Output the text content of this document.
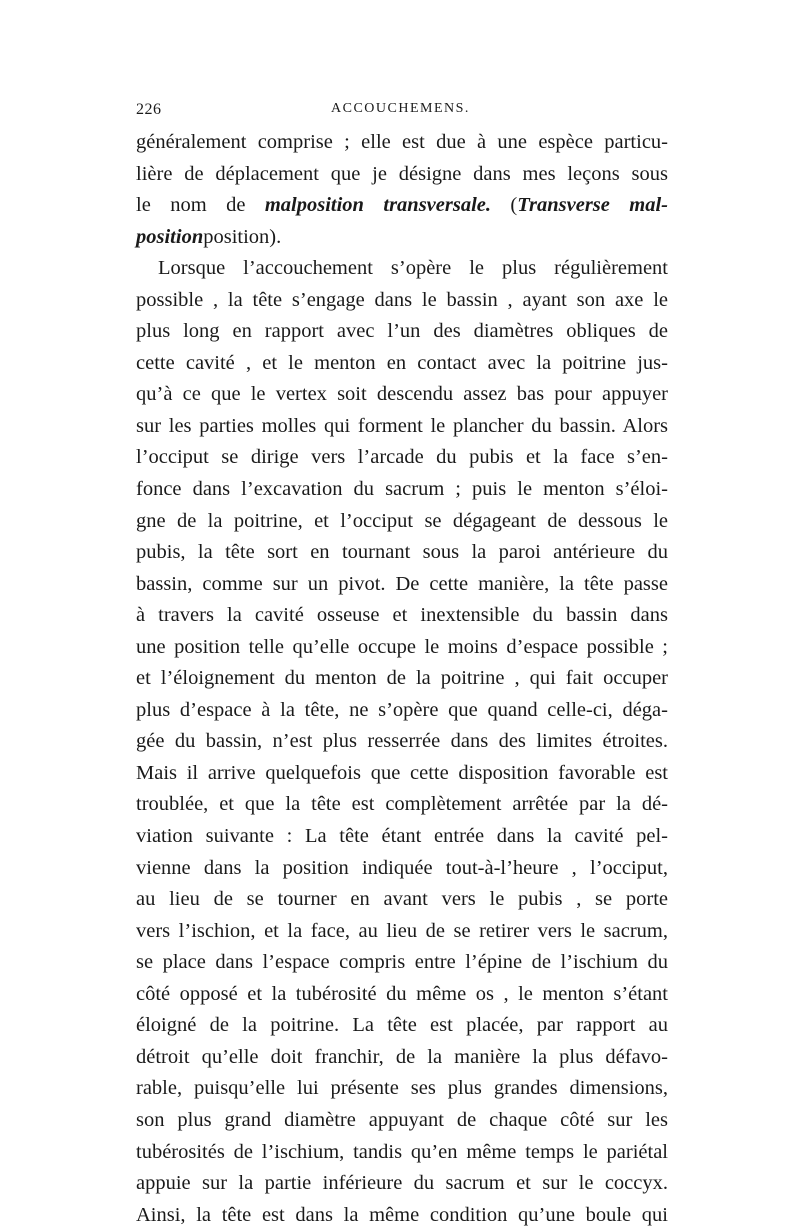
226	ACCOUCHEMENS.
généralement comprise ; elle est due à une espèce particu-
lière de déplacement que je désigne dans mes leçons sous
le nom de malposition transversale. (Transverse mal-
positionposition).
Lorsque l’accouchement s’opère le plus régulièrement
possible , la tête s’engage dans le bassin , ayant son axe le
plus long en rapport avec l’un des diamètres obliques de
cette cavité , et le menton en contact avec la poitrine jus-
qu’à ce que le vertex soit descendu assez bas pour appuyer
sur les parties molles qui forment le plancher du bassin. Alors
l’occiput se dirige vers l’arcade du pubis et la face s’en-
fonce dans l’excavation du sacrum ; puis le menton s’éloi-
gne de la poitrine, et l’occiput se dégageant de dessous le
pubis, la tête sort en tournant sous la paroi antérieure du
bassin, comme sur un pivot. De cette manière, la tête passe
à travers la cavité osseuse et inextensible du bassin dans
une position telle qu’elle occupe le moins d’espace possible ;
et l’éloignement du menton de la poitrine , qui fait occuper
plus d’espace à la tête, ne s’opère que quand celle-ci, déga-
gée du bassin, n’est plus resserrée dans des limites étroites.
Mais il arrive quelquefois que cette disposition favorable est
troublée, et que la tête est complètement arrêtée par la dé-
viation suivante : La tête étant entrée dans la cavité pel-
vienne dans la position indiquée tout-à-l’heure , l’occiput,
au lieu de se tourner en avant vers le pubis , se porte
vers l’ischion, et la face, au lieu de se retirer vers le sacrum,
se place dans l’espace compris entre l’épine de l’ischium du
côté opposé et la tubérosité du même os , le menton s’étant
éloigné de la poitrine. La tête est placée, par rapport au
détroit qu’elle doit franchir, de la manière la plus défavo-
rable, puisqu’elle lui présente ses plus grandes dimensions,
son plus grand diamètre appuyant de chaque côté sur les
tubérosités de l’ischium, tandis qu’en même temps le pariétal
appuie sur la partie inférieure du sacrum et sur le coccyx.
Ainsi, la tête est dans la même condition qu’une boule qui
